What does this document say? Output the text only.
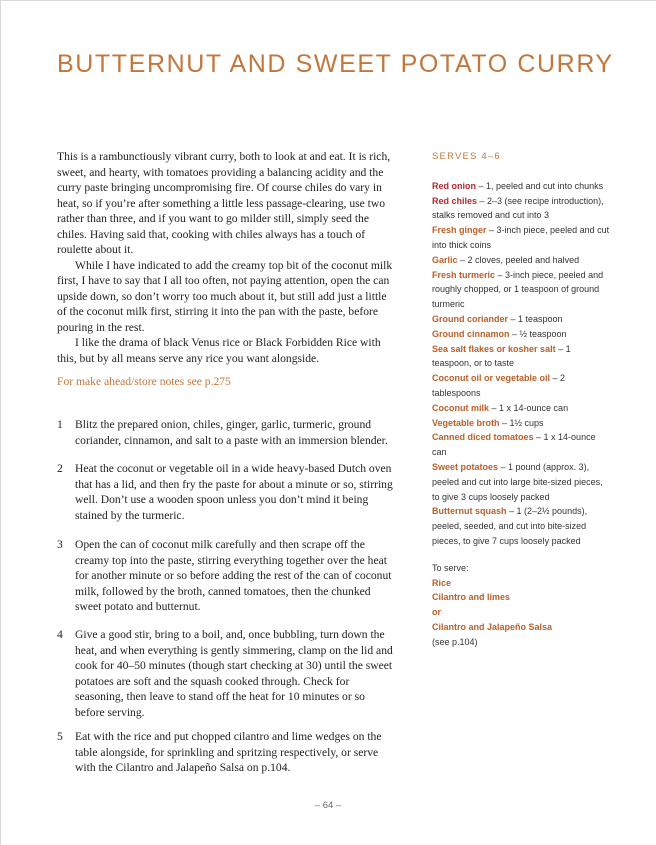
BUTTERNUT AND SWEET POTATO CURRY

This is a rambunctiously vibrant curry, both to look at and eat. It is rich, sweet, and hearty, with tomatoes providing a balancing acidity and the curry paste bringing uncompromising fire. Of course chiles do vary in heat, so if you’re after something a little less passage-clearing, use two rather than three, and if you want to go milder still, simply seed the chiles. Having said that, cooking with chiles always has a touch of roulette about it.

While I have indicated to add the creamy top bit of the coconut milk first, I have to say that I all too often, not paying attention, open the can upside down, so don’t worry too much about it, but still add just a little of the coconut milk first, stirring it into the pan with the paste, before pouring in the rest.

I like the drama of black Venus rice or Black Forbidden Rice with this, but by all means serve any rice you want alongside.

For make ahead/store notes see p.275

1 Blitz the prepared onion, chiles, ginger, garlic, turmeric, ground coriander, cinnamon, and salt to a paste with an immersion blender.
2 Heat the coconut or vegetable oil in a wide heavy-based Dutch oven that has a lid, and then fry the paste for about a minute or so, stirring well. Don’t use a wooden spoon unless you don’t mind it being stained by the turmeric.
3 Open the can of coconut milk carefully and then scrape off the creamy top into the paste, stirring everything together over the heat for another minute or so before adding the rest of the can of coconut milk, followed by the broth, canned tomatoes, then the chunked sweet potato and butternut.
4 Give a good stir, bring to a boil, and, once bubbling, turn down the heat, and when everything is gently simmering, clamp on the lid and cook for 40–50 minutes (though start checking at 30) until the sweet potatoes are soft and the squash cooked through. Check for seasoning, then leave to stand off the heat for 10 minutes or so before serving.
5 Eat with the rice and put chopped cilantro and lime wedges on the table alongside, for sprinkling and spritzing respectively, or serve with the Cilantro and Jalapeño Salsa on p.104.
SERVES 4–6

Red onion – 1, peeled and cut into chunks

Red chiles – 2–3 (see recipe introduction), stalks removed and cut into 3

Fresh ginger – 3-inch piece, peeled and cut into thick coins

Garlic – 2 cloves, peeled and halved

Fresh turmeric – 3-inch piece, peeled and roughly chopped, or 1 teaspoon of ground turmeric

Ground coriander – 1 teaspoon

Ground cinnamon – ½ teaspoon

Sea salt flakes or kosher salt – 1 teaspoon, or to taste

Coconut oil or vegetable oil – 2 tablespoons

Coconut milk – 1 x 14-ounce can

Vegetable broth – 1½ cups

Canned diced tomatoes – 1 x 14-ounce can

Sweet potatoes – 1 pound (approx. 3), peeled and cut into large bite-sized pieces, to give 3 cups loosely packed

Butternut squash – 1 (2–2½ pounds), peeled, seeded, and cut into bite-sized pieces, to give 7 cups loosely packed

To serve:
Rice
Cilantro and limes
or
Cilantro and Jalapeño Salsa
(see p.104)
– 64 –
